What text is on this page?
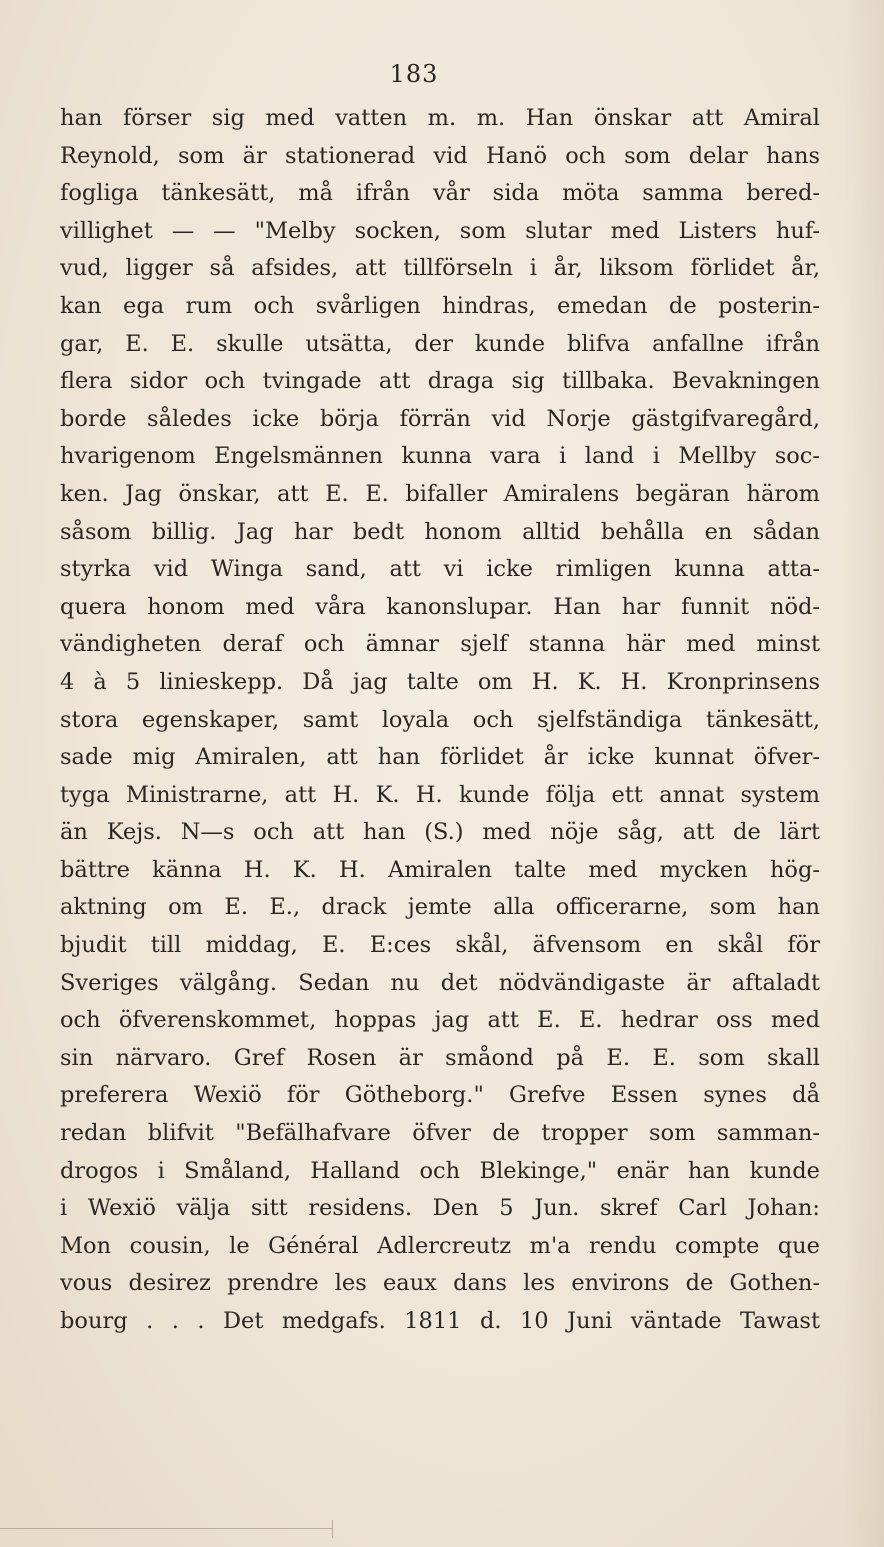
183
han förser sig med vatten m. m. Han önskar att Amiral
Reynold, som är stationerad vid Hanö och som delar hans
fogliga tänkesätt, må ifrån vår sida möta samma bered-
villighet — — "Melby socken, som slutar med Listers huf-
vud, ligger så afsides, att tillförseln i år, liksom förlidet år,
kan ega rum och svårligen hindras, emedan de posterin-
gar, E. E. skulle utsätta, der kunde blifva anfallne ifrån
flera sidor och tvingade att draga sig tillbaka. Bevakningen
borde således icke börja förrän vid Norje gästgifvaregård,
hvarigenom Engelsmännen kunna vara i land i Mellby soc-
ken. Jag önskar, att E. E. bifaller Amiralens begäran härom
såsom billig. Jag har bedt honom alltid behålla en sådan
styrka vid Winga sand, att vi icke rimligen kunna atta-
quera honom med våra kanonslupar. Han har funnit nöd-
vändigheten deraf och ämnar sjelf stanna här med minst
4 à 5 linieskepp. Då jag talte om H. K. H. Kronprinsens
stora egenskaper, samt loyala och sjelfständiga tänkesätt,
sade mig Amiralen, att han förlidet år icke kunnat öfver-
tyga Ministrarne, att H. K. H. kunde följa ett annat system
än Kejs. N—s och att han (S.) med nöje såg, att de lärt
bättre känna H. K. H. Amiralen talte med mycken hög-
aktning om E. E., drack jemte alla officerarne, som han
bjudit till middag, E. E:ces skål, äfvensom en skål för
Sveriges välgång. Sedan nu det nödvändigaste är aftaladt
och öfverenskommet, hoppas jag att E. E. hedrar oss med
sin närvaro. Gref Rosen är småond på E. E. som skall
preferera Wexiö för Götheborg." Grefve Essen synes då
redan blifvit "Befälhafvare öfver de tropper som samman-
drogos i Småland, Halland och Blekinge," enär han kunde
i Wexiö välja sitt residens. Den 5 Jun. skref Carl Johan:
Mon cousin, le Général Adlercreutz m'a rendu compte que
vous desirez prendre les eaux dans les environs de Gothen-
bourg . . . Det medgafs. 1811 d. 10 Juni väntade Tawast
